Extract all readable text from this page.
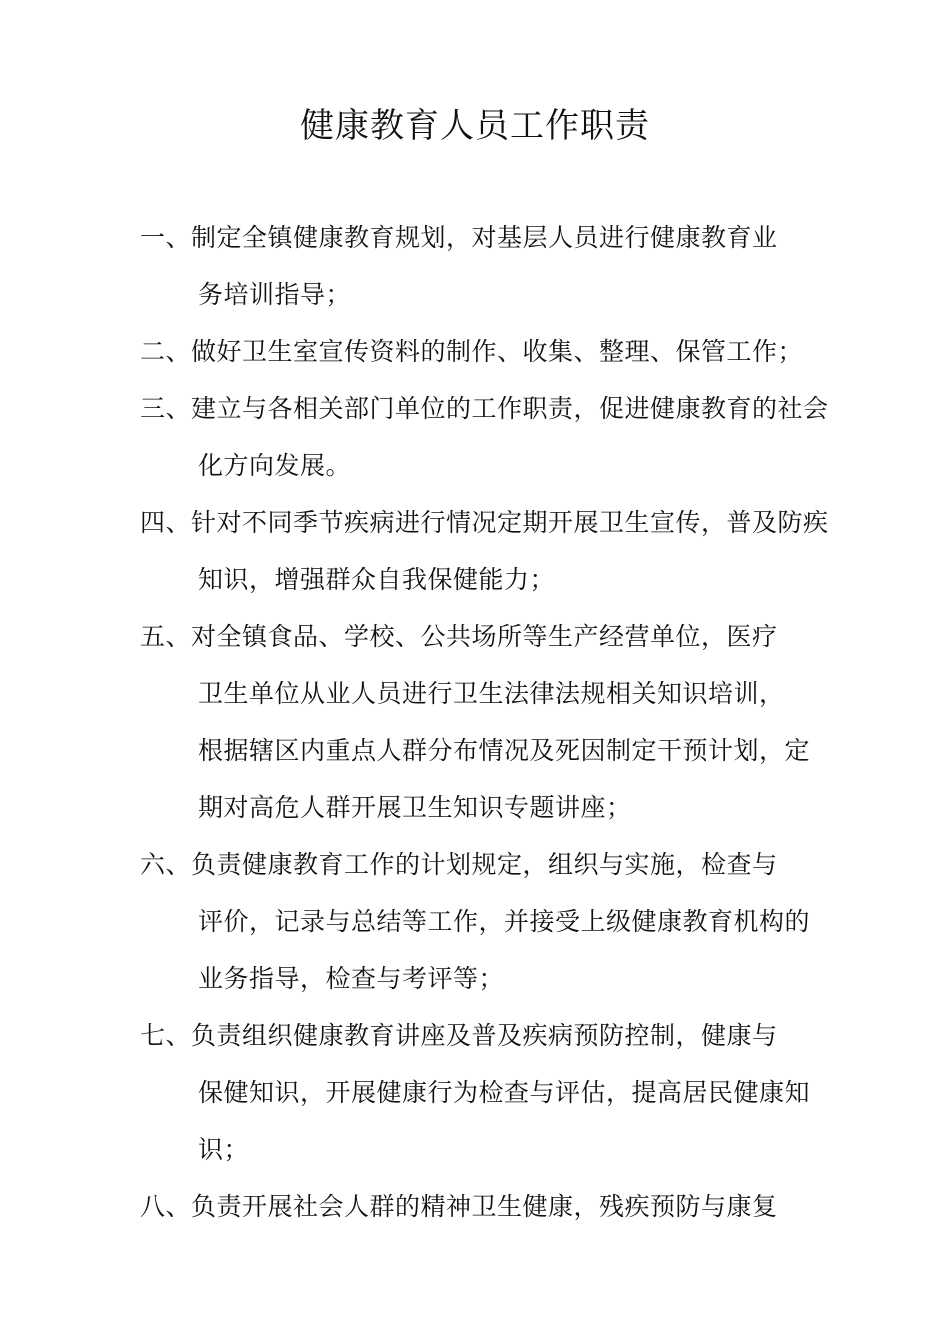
健康教育人员工作职责
一、制定全镇健康教育规划，对基层人员进行健康教育业
务培训指导；
二、做好卫生室宣传资料的制作、收集、整理、保管工作；
三、建立与各相关部门单位的工作职责，促进健康教育的社会
化方向发展。
四、针对不同季节疾病进行情况定期开展卫生宣传，普及防疾
知识，增强群众自我保健能力；
五、对全镇食品、学校、公共场所等生产经营单位，医疗
卫生单位从业人员进行卫生法律法规相关知识培训，
根据辖区内重点人群分布情况及死因制定干预计划，定
期对高危人群开展卫生知识专题讲座；
六、负责健康教育工作的计划规定，组织与实施，检查与
评价，记录与总结等工作，并接受上级健康教育机构的
业务指导，检查与考评等；
七、负责组织健康教育讲座及普及疾病预防控制，健康与
保健知识，开展健康行为检查与评估，提高居民健康知
识；
八、负责开展社会人群的精神卫生健康，残疾预防与康复
